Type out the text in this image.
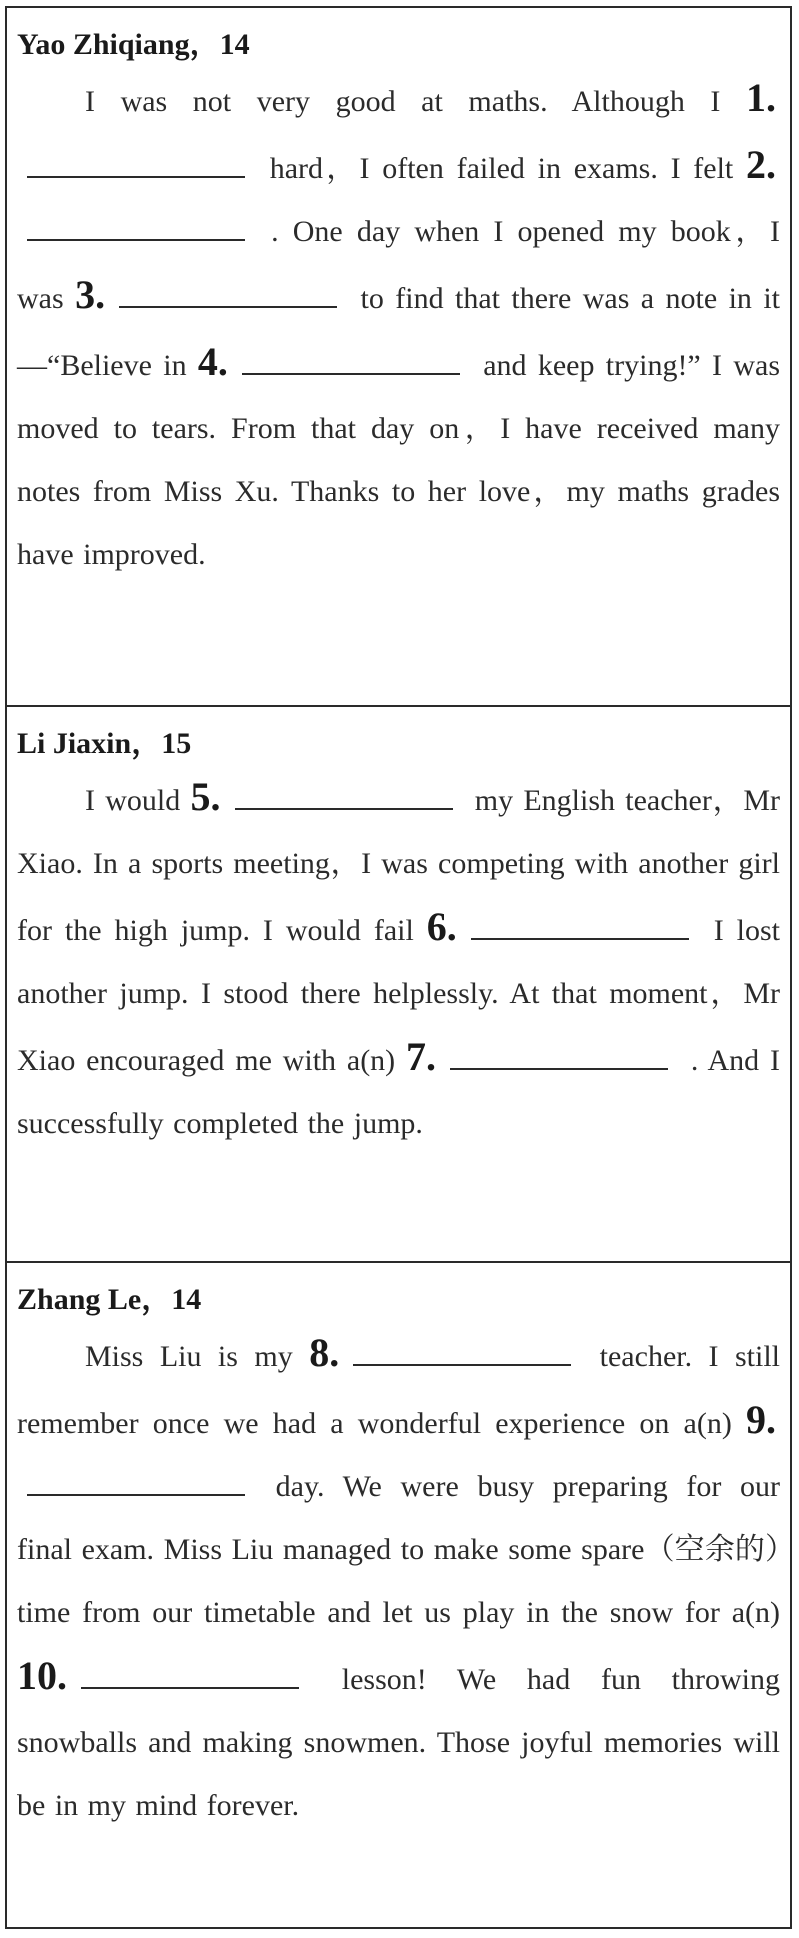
Yao Zhiqiang，14
I was not very good at maths. Although I 1. hard，I often failed in exams. I felt 2. . One day when I opened my book，I was 3.	to find that there was a note in it—“Believe in 4.	and keep trying!” I was moved to tears. From that day on，I have received many notes from Miss Xu. Thanks to her love，my maths grades have improved.
Li Jiaxin，15
I would 5.	my English teacher，Mr Xiao. In a sports meeting，I was competing with another girl for the high jump. I would fail 6.	I lost another jump. I stood there helplessly. At that moment，Mr Xiao encouraged me with a(n) 7.	. And I successfully completed the jump.
Zhang Le，14
Miss Liu is my 8.	teacher. I still remember once we had a wonderful experience on a(n) 9. day. We were busy preparing for our final exam. Miss Liu managed to make some spare（空余的）time from our timetable and let us play in the snow for a(n) 10.	lesson! We had fun throwing snowballs and making snowmen. Those joyful memories will be in my mind forever.
